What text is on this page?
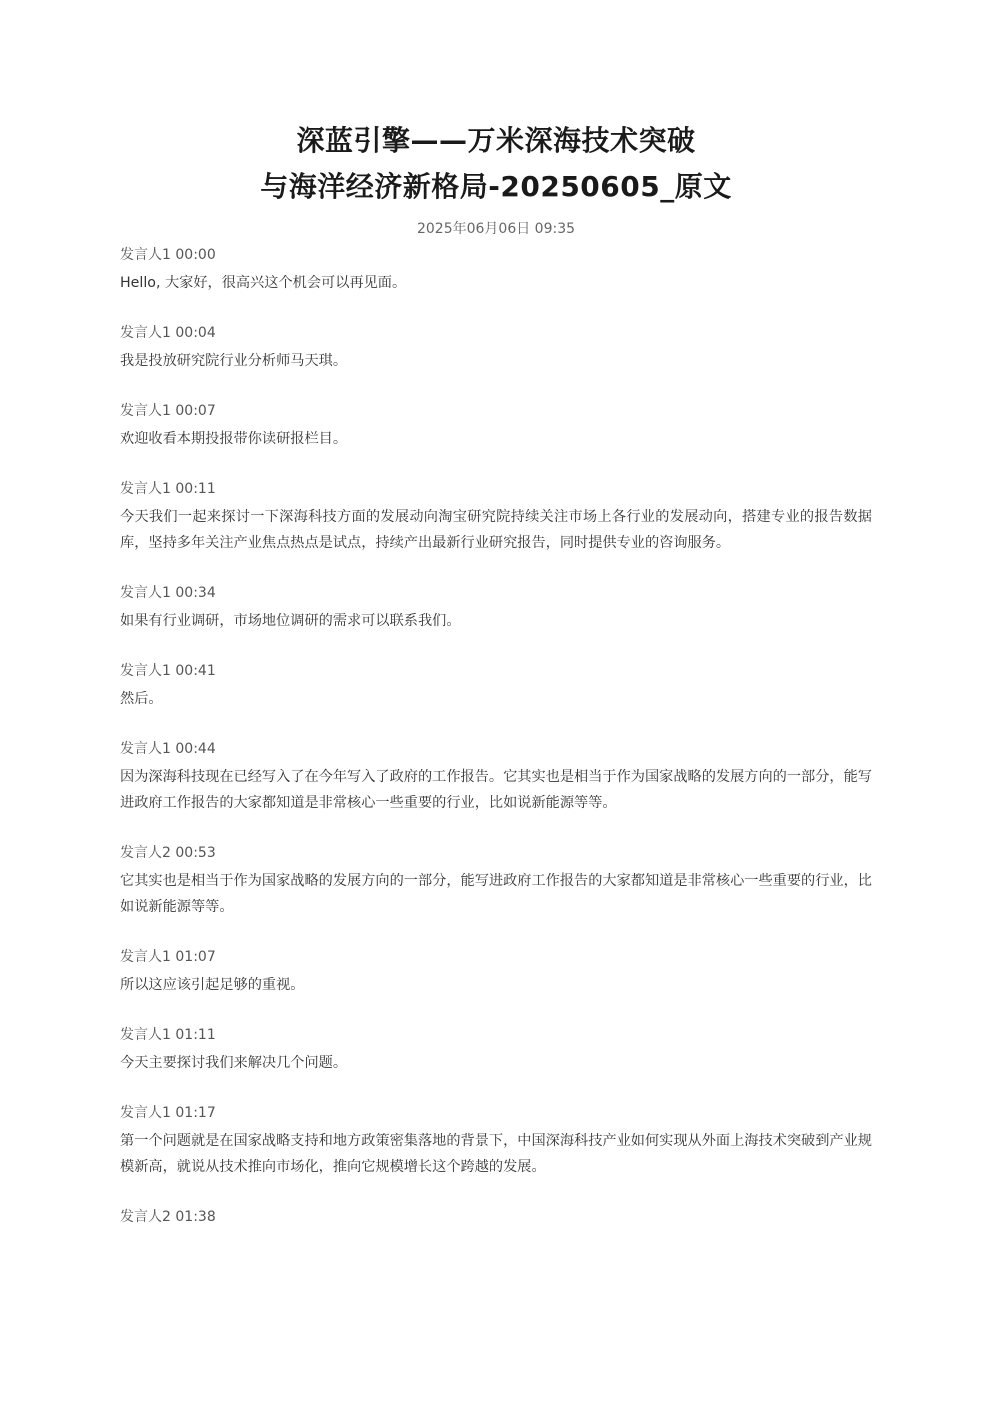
深蓝引擎——万米深海技术突破
与海洋经济新格局-20250605_原文
2025年06月06日 09:35
发言人1 00:00

Hello, 大家好，很高兴这个机会可以再见面。

发言人1 00:04

我是投放研究院行业分析师马天琪。

发言人1 00:07

欢迎收看本期投报带你读研报栏目。

发言人1 00:11

今天我们一起来探讨一下深海科技方面的发展动向淘宝研究院持续关注市场上各行业的发展动向，搭建专业的报告数据库，坚持多年关注产业焦点热点是试点，持续产出最新行业研究报告，同时提供专业的咨询服务。

发言人1 00:34

如果有行业调研，市场地位调研的需求可以联系我们。

发言人1 00:41

然后。

发言人1 00:44

因为深海科技现在已经写入了在今年写入了政府的工作报告。它其实也是相当于作为国家战略的发展方向的一部分，能写进政府工作报告的大家都知道是非常核心一些重要的行业，比如说新能源等等。

发言人2 00:53

它其实也是相当于作为国家战略的发展方向的一部分，能写进政府工作报告的大家都知道是非常核心一些重要的行业，比如说新能源等等。

发言人1 01:07

所以这应该引起足够的重视。

发言人1 01:11

今天主要探讨我们来解决几个问题。

发言人1 01:17

第一个问题就是在国家战略支持和地方政策密集落地的背景下，中国深海科技产业如何实现从外面上海技术突破到产业规模新高，就说从技术推向市场化，推向它规模增长这个跨越的发展。

发言人2 01:38
